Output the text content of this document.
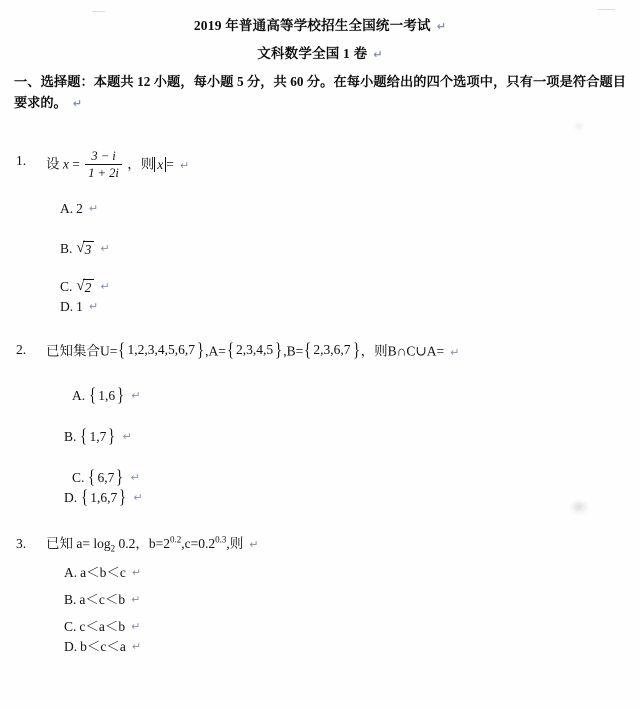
2019 年普通高等学校招生全国统一考试 ↵
文科数学全国 1 卷 ↵
一、选择题：本题共 12 小题，每小题 5 分，共 60 分。在每小题给出的四个选项中，只有一项是符合题目要求的。 ↵
1.	设 $x = \frac{3 - i}{1 + 2i}$ ，则 x = ↵
A. 2 ↵
B. √ 3 ↵
C. √ 2 ↵
D. 1 ↵
2.	已知集合U= { 1,2,3,4,5,6,7 } ,A= { 2,3,4,5 } ,B= { 2,3,6,7 } ，则B∩C∪A= ↵
A. { 1,6 } ↵
B. { 1,7 } ↵
C. { 6,7 } ↵
D. { 1,6,7 } ↵
3.	已知 $a= \log_2 0.2$，$b=2^{0.2},c=0.2^{0.3}$,则 ↵
A. a＜b＜c ↵
B. a＜c＜b ↵
C. c＜a＜b ↵
D. b＜c＜a ↵
